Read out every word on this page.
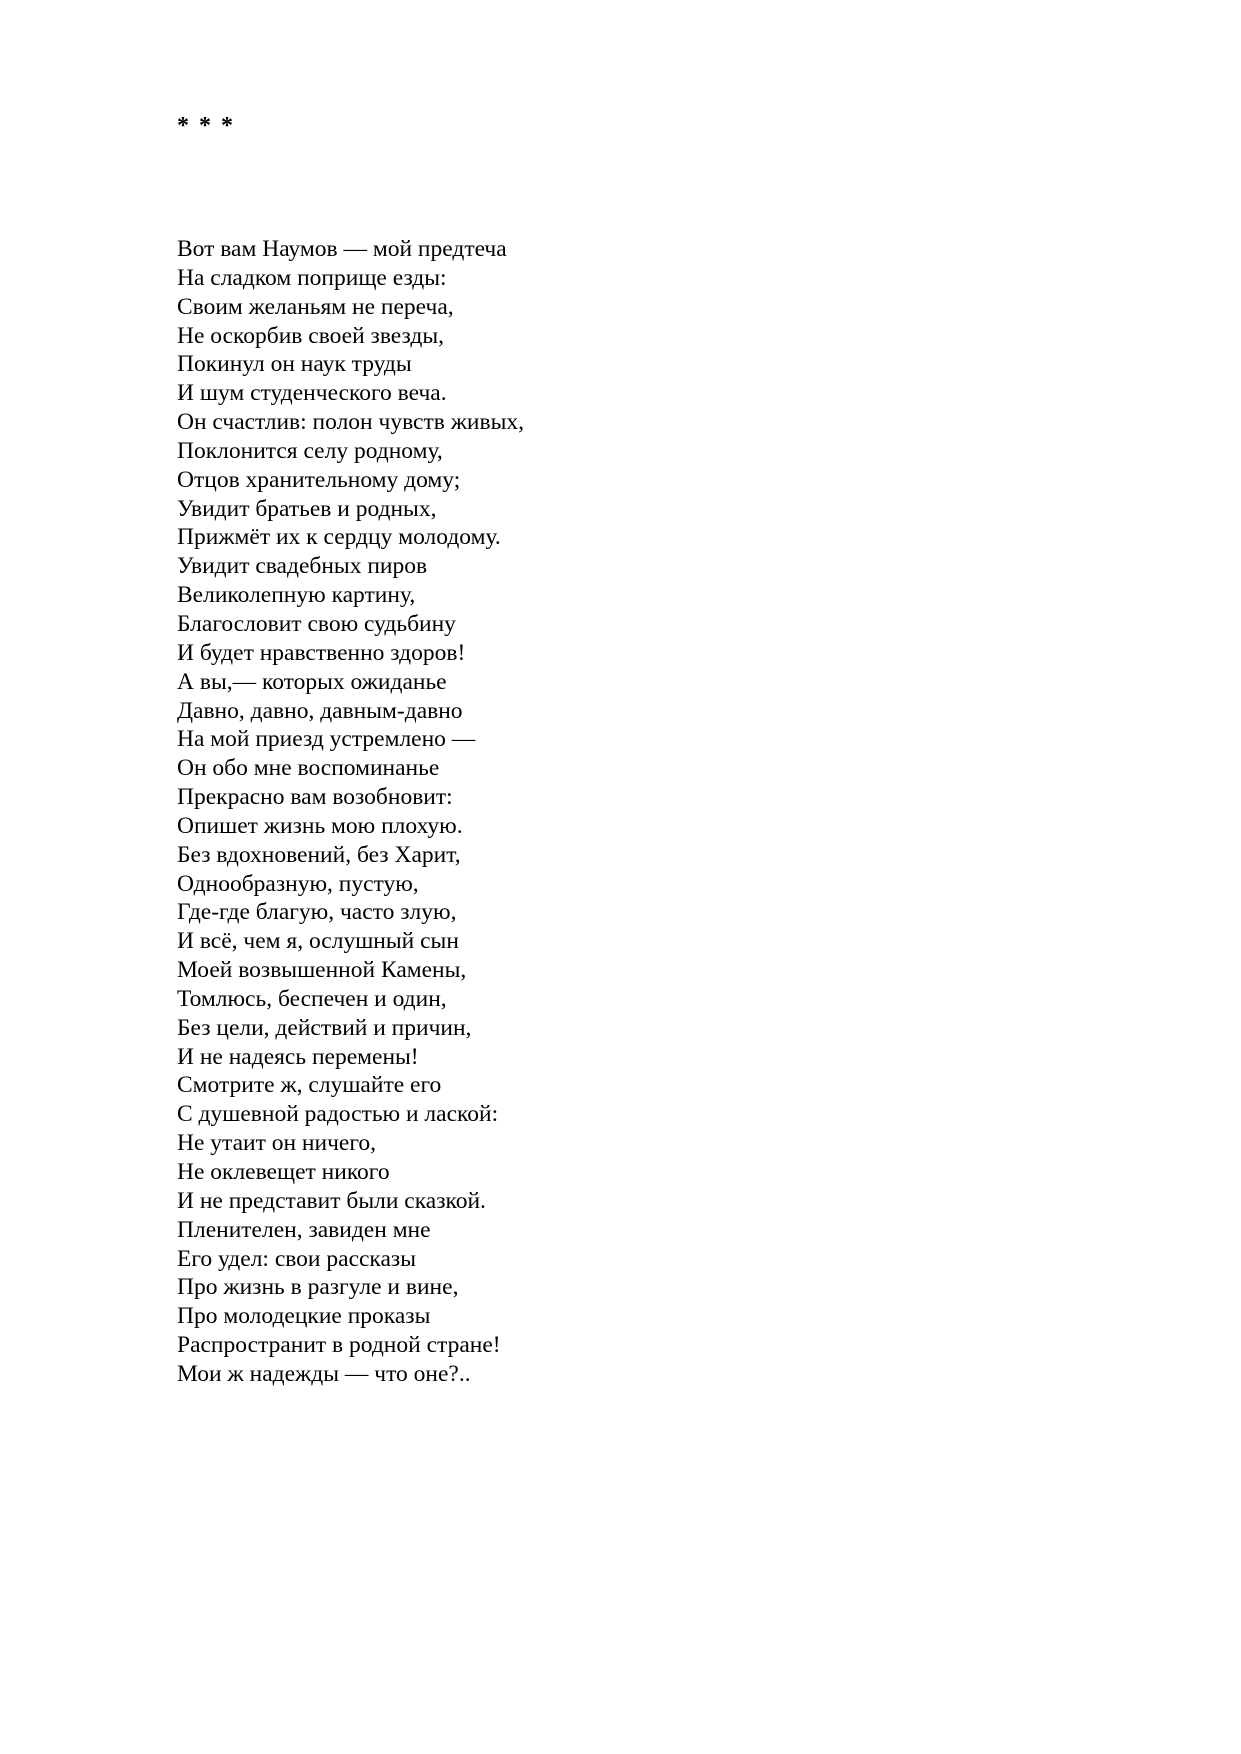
* * *
Вот вам Наумов — мой предтеча
На сладком поприще езды:
Своим желаньям не переча,
Не оскорбив своей звезды,
Покинул он наук труды
И шум студенческого веча.
Он счастлив: полон чувств живых,
Поклонится селу родному,
Отцов хранительному дому;
Увидит братьев и родных,
Прижмёт их к сердцу молодому.
Увидит свадебных пиров
Великолепную картину,
Благословит свою судьбину
И будет нравственно здоров!
А вы,— которых ожиданье
Давно, давно, давным-давно
На мой приезд устремлено —
Он обо мне воспоминанье
Прекрасно вам возобновит:
Опишет жизнь мою плохую.
Без вдохновений, без Харит,
Однообразную, пустую,
Где-где благую, часто злую,
И всё, чем я, ослушный сын
Моей возвышенной Камены,
Томлюсь, беспечен и один,
Без цели, действий и причин,
И не надеясь перемены!
Смотрите ж, слушайте его
С душевной радостью и лаской:
Не утаит он ничего,
Не оклевещет никого
И не представит были сказкой.
Пленителен, завиден мне
Его удел: свои рассказы
Про жизнь в разгуле и вине,
Про молодецкие проказы
Распространит в родной стране!
Мои ж надежды — что оне?..
